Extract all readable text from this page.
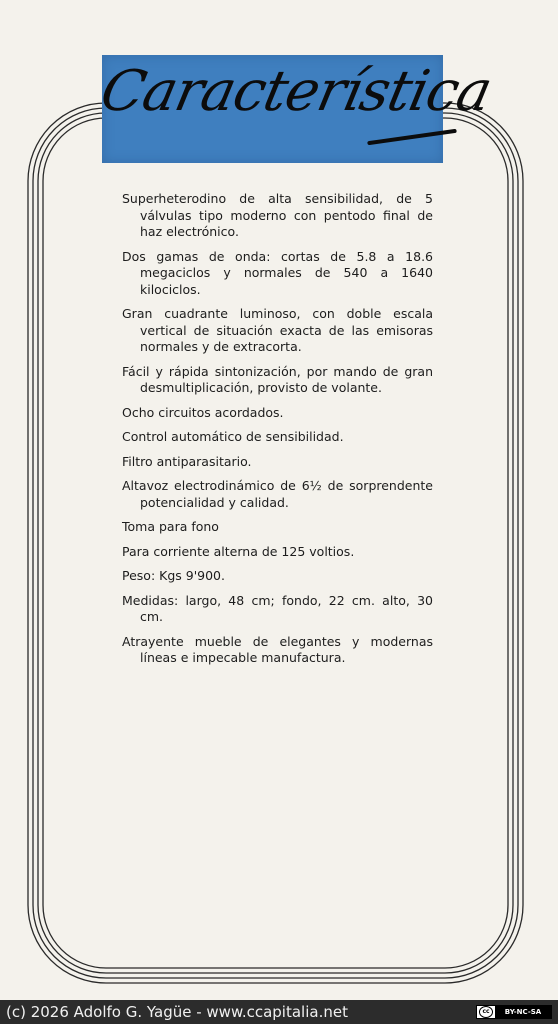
Característica

Superheterodino de alta sensibilidad, de 5 válvulas tipo moderno con pentodo final de haz electrónico.

Dos gamas de onda: cortas de 5.8 a 18.6 megaciclos y normales de 540 a 1640 kilociclos.

Gran cuadrante luminoso, con doble escala vertical de situación exacta de las emisoras normales y de extracorta.

Fácil y rápida sintonización, por mando de gran desmultiplicación, provisto de volante.

Ocho circuitos acordados.

Control automático de sensibilidad.

Filtro antiparasitario.

Altavoz electrodinámico de 6½ de sorprendente potencialidad y calidad.

Toma para fono

Para corriente alterna de 125 voltios.

Peso: Kgs 9'900.

Medidas: largo, 48 cm; fondo, 22 cm. alto, 30 cm.

Atrayente mueble de elegantes y modernas líneas e impecable manufactura.

(c) 2026 Adolfo G. Yagüe - www.ccapitalia.net	cc	BY-NC-SA
